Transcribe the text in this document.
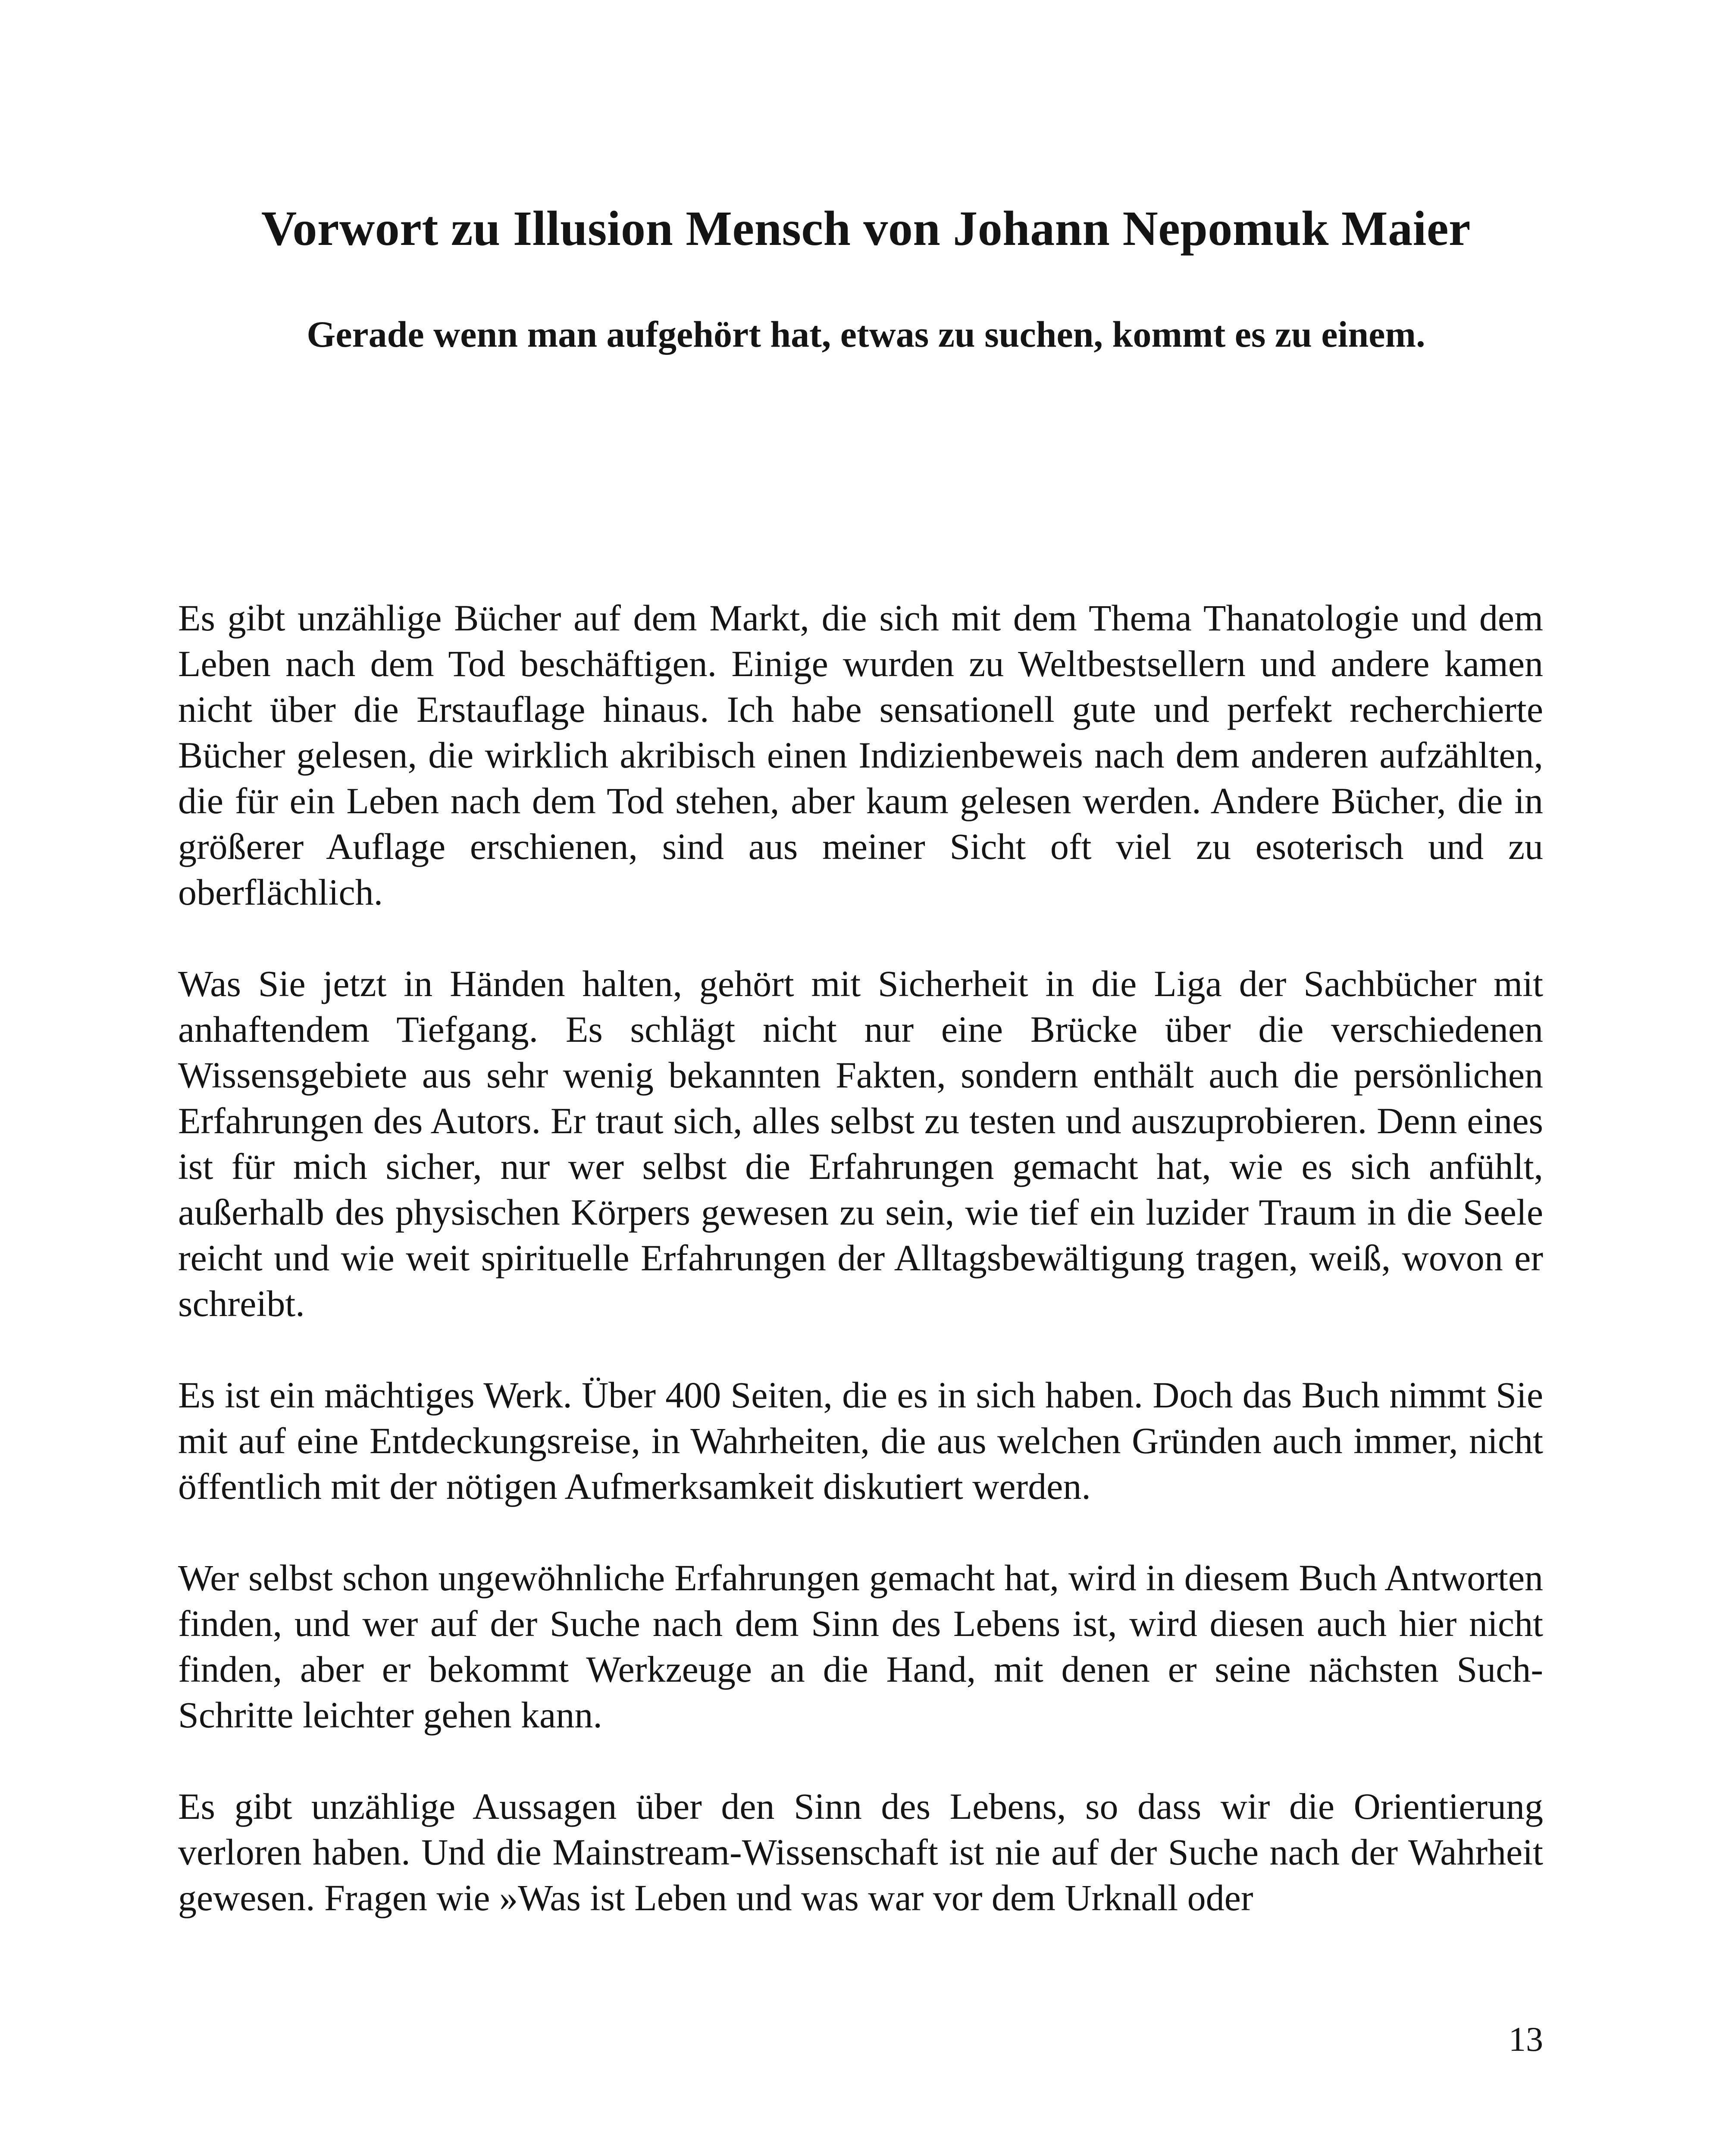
Vorwort zu Illusion Mensch von Johann Nepomuk Maier
Gerade wenn man aufgehört hat, etwas zu suchen, kommt es zu einem.

Es gibt unzählige Bücher auf dem Markt, die sich mit dem Thema Thanatologie und dem Leben nach dem Tod beschäftigen. Einige wurden zu Weltbestsellern und andere kamen nicht über die Erstauflage hinaus. Ich habe sensationell gute und perfekt recherchierte Bücher gelesen, die wirklich akribisch einen Indizienbeweis nach dem anderen aufzählten, die für ein Leben nach dem Tod stehen, aber kaum gelesen werden. Andere Bücher, die in größerer Auflage erschienen, sind aus meiner Sicht oft viel zu esoterisch und zu oberflächlich.

Was Sie jetzt in Händen halten, gehört mit Sicherheit in die Liga der Sachbücher mit anhaftendem Tiefgang. Es schlägt nicht nur eine Brücke über die verschiedenen Wissensgebiete aus sehr wenig bekannten Fakten, sondern enthält auch die persönlichen Erfahrungen des Autors. Er traut sich, alles selbst zu testen und auszuprobieren. Denn eines ist für mich sicher, nur wer selbst die Erfahrungen gemacht hat, wie es sich anfühlt, außerhalb des physischen Körpers gewesen zu sein, wie tief ein luzider Traum in die Seele reicht und wie weit spirituelle Erfahrungen der Alltagsbewältigung tragen, weiß, wovon er schreibt.

Es ist ein mächtiges Werk. Über 400 Seiten, die es in sich haben. Doch das Buch nimmt Sie mit auf eine Entdeckungsreise, in Wahrheiten, die aus welchen Gründen auch immer, nicht öffentlich mit der nötigen Aufmerksamkeit diskutiert werden.

Wer selbst schon ungewöhnliche Erfahrungen gemacht hat, wird in diesem Buch Antworten finden, und wer auf der Suche nach dem Sinn des Lebens ist, wird diesen auch hier nicht finden, aber er bekommt Werkzeuge an die Hand, mit denen er seine nächsten Such-Schritte leichter gehen kann.

Es gibt unzählige Aussagen über den Sinn des Lebens, so dass wir die Orientierung verloren haben. Und die Mainstream-Wissenschaft ist nie auf der Suche nach der Wahrheit gewesen. Fragen wie »Was ist Leben und was war vor dem Urknall oder

13
